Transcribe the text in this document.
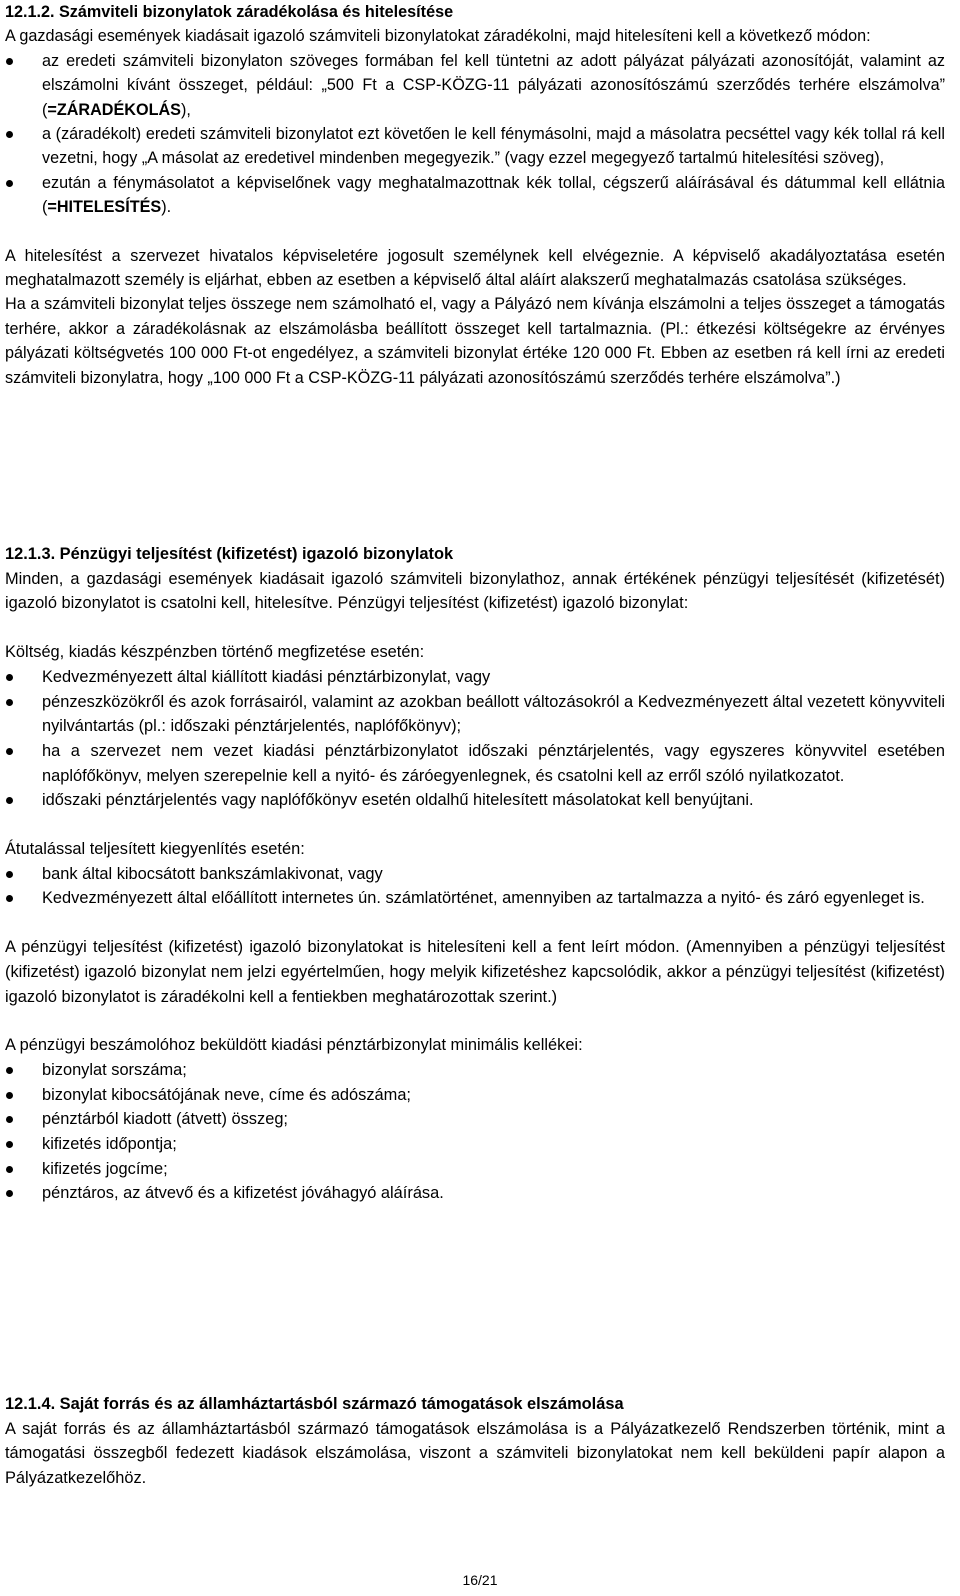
12.1.2. Számviteli bizonylatok záradékolása és hitelesítése

A gazdasági események kiadásait igazoló számviteli bizonylatokat záradékolni, majd hitelesíteni kell a következő módon:

az eredeti számviteli bizonylaton szöveges formában fel kell tüntetni az adott pályázat pályázati azonosítóját, valamint az elszámolni kívánt összeget, például: „500 Ft a CSP-KÖZG-11 pályázati azonosítószámú szerződés terhére elszámolva” (=ZÁRADÉKOLÁS),
a (záradékolt) eredeti számviteli bizonylatot ezt követően le kell fénymásolni, majd a másolatra pecséttel vagy kék tollal rá kell vezetni, hogy „A másolat az eredetivel mindenben megegyezik.” (vagy ezzel megegyező tartalmú hitelesítési szöveg),
ezután a fénymásolatot a képviselőnek vagy meghatalmazottnak kék tollal, cégszerű aláírásával és dátummal kell ellátnia (=HITELESÍTÉS).

A hitelesítést a szervezet hivatalos képviseletére jogosult személynek kell elvégeznie. A képviselő akadályoztatása esetén meghatalmazott személy is eljárhat, ebben az esetben a képviselő által aláírt alakszerű meghatalmazás csatolása szükséges.

Ha a számviteli bizonylat teljes összege nem számolható el, vagy a Pályázó nem kívánja elszámolni a teljes összeget a támogatás terhére, akkor a záradékolásnak az elszámolásba beállított összeget kell tartalmaznia. (Pl.: étkezési költségekre az érvényes pályázati költségvetés 100 000 Ft-ot engedélyez, a számviteli bizonylat értéke 120 000 Ft. Ebben az esetben rá kell írni az eredeti számviteli bizonylatra, hogy „100 000 Ft a CSP-KÖZG-11 pályázati azonosítószámú szerződés terhére elszámolva”.)

12.1.3. Pénzügyi teljesítést (kifizetést) igazoló bizonylatok

Minden, a gazdasági események kiadásait igazoló számviteli bizonylathoz, annak értékének pénzügyi teljesítését (kifizetését) igazoló bizonylatot is csatolni kell, hitelesítve. Pénzügyi teljesítést (kifizetést) igazoló bizonylat:

Költség, kiadás készpénzben történő megfizetése esetén:

Kedvezményezett által kiállított kiadási pénztárbizonylat, vagy
pénzeszközökről és azok forrásairól, valamint az azokban beállott változásokról a Kedvezményezett által vezetett könyvviteli nyilvántartás (pl.: időszaki pénztárjelentés, naplófőkönyv);
ha a szervezet nem vezet kiadási pénztárbizonylatot időszaki pénztárjelentés, vagy egyszeres könyvvitel esetében naplófőkönyv, melyen szerepelnie kell a nyitó- és záróegyenlegnek, és csatolni kell az erről szóló nyilatkozatot.
időszaki pénztárjelentés vagy naplófőkönyv esetén oldalhű hitelesített másolatokat kell benyújtani.

Átutalással teljesített kiegyenlítés esetén:

bank által kibocsátott bankszámlakivonat, vagy
Kedvezményezett által előállított internetes ún. számlatörténet, amennyiben az tartalmazza a nyitó- és záró egyenleget is.

A pénzügyi teljesítést (kifizetést) igazoló bizonylatokat is hitelesíteni kell a fent leírt módon. (Amennyiben a pénzügyi teljesítést (kifizetést) igazoló bizonylat nem jelzi egyértelműen, hogy melyik kifizetéshez kapcsolódik, akkor a pénzügyi teljesítést (kifizetést) igazoló bizonylatot is záradékolni kell a fentiekben meghatározottak szerint.)

A pénzügyi beszámolóhoz beküldött kiadási pénztárbizonylat minimális kellékei:

bizonylat sorszáma;
bizonylat kibocsátójának neve, címe és adószáma;
pénztárból kiadott (átvett) összeg;
kifizetés időpontja;
kifizetés jogcíme;
pénztáros, az átvevő és a kifizetést jóváhagyó aláírása.
12.1.4. Saját forrás és az államháztartásból származó támogatások elszámolása

A saját forrás és az államháztartásból származó támogatások elszámolása is a Pályázatkezelő Rendszerben történik, mint a támogatási összegből fedezett kiadások elszámolása, viszont a számviteli bizonylatokat nem kell beküldeni papír alapon a Pályázatkezelőhöz.

16/21
